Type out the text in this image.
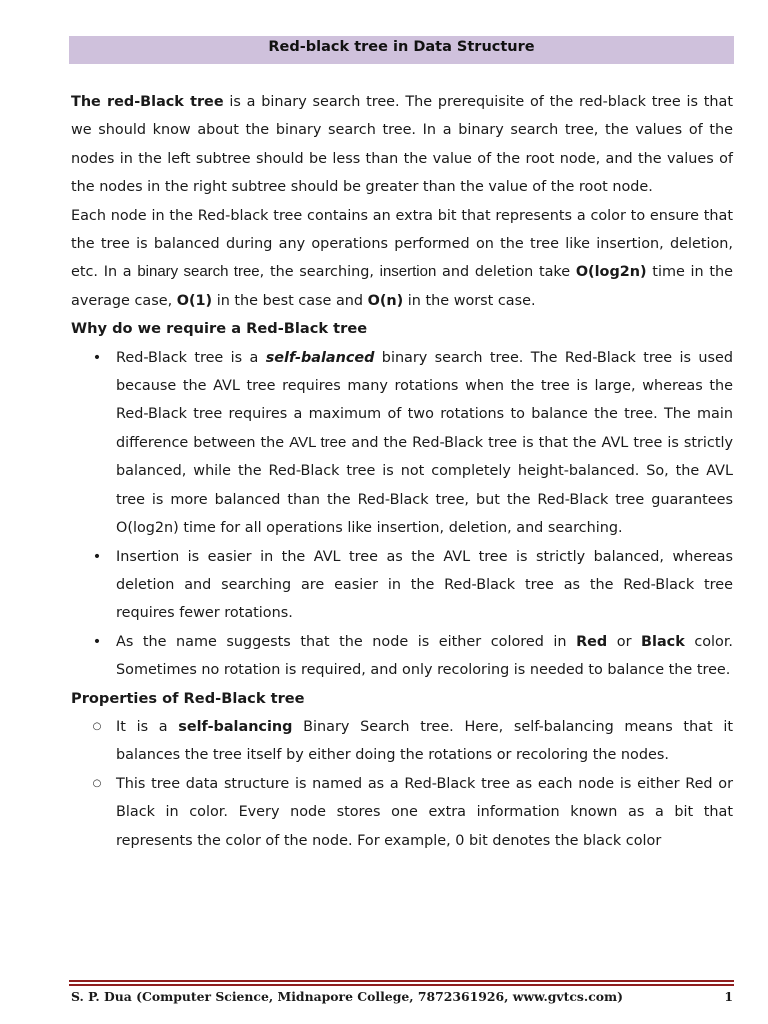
Red-black tree in Data Structure

The red-Black tree is a binary search tree. The prerequisite of the red-black tree is that we should know about the binary search tree. In a binary search tree, the values of the nodes in the left subtree should be less than the value of the root node, and the values of the nodes in the right subtree should be greater than the value of the root node.

Each node in the Red-black tree contains an extra bit that represents a color to ensure that the tree is balanced during any operations performed on the tree like insertion, deletion, etc. In a binary search tree, the searching, insertion and deletion take O(log2n) time in the average case, O(1) in the best case and O(n) in the worst case.

Why do we require a Red-Black tree
• Red-Black tree is a self-balanced binary search tree. The Red-Black tree is used because the AVL tree requires many rotations when the tree is large, whereas the Red-Black tree requires a maximum of two rotations to balance the tree. The main difference between the AVL tree and the Red-Black tree is that the AVL tree is strictly balanced, while the Red-Black tree is not completely height-balanced. So, the AVL tree is more balanced than the Red-Black tree, but the Red-Black tree guarantees O(log2n) time for all operations like insertion, deletion, and searching.
• Insertion is easier in the AVL tree as the AVL tree is strictly balanced, whereas deletion and searching are easier in the Red-Black tree as the Red-Black tree requires fewer rotations.
• As the name suggests that the node is either colored in Red or Black color. Sometimes no rotation is required, and only recoloring is needed to balance the tree.
Properties of Red-Black tree
○ It is a self-balancing Binary Search tree. Here, self-balancing means that it balances the tree itself by either doing the rotations or recoloring the nodes.
○ This tree data structure is named as a Red-Black tree as each node is either Red or Black in color. Every node stores one extra information known as a bit that represents the color of the node. For example, 0 bit denotes the black color
S. P. Dua (Computer Science, Midnapore College, 7872361926, www.gvtcs.com)	1
